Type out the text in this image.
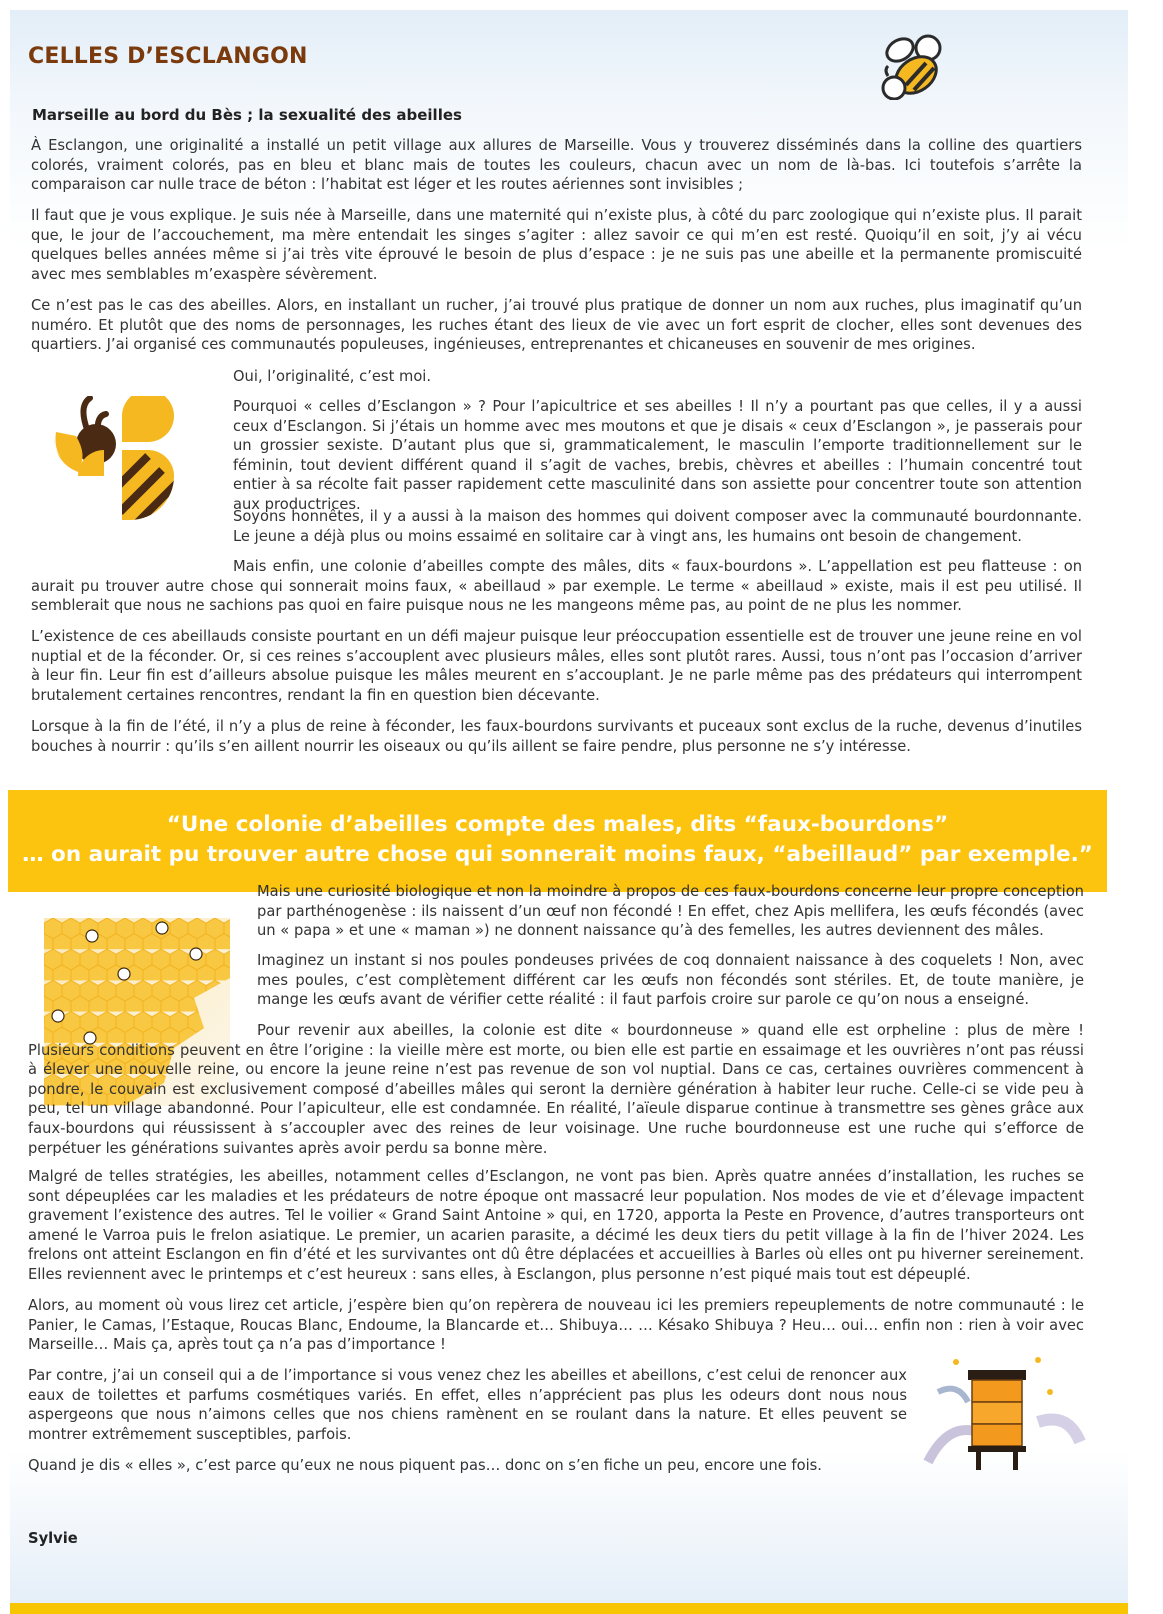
CELLES D’ESCLANGON

Marseille au bord du Bès ; la sexualité des abeilles

À Esclangon, une originalité a installé un petit village aux allures de Marseille. Vous y trouverez disséminés dans la colline des quartiers colorés, vraiment colorés, pas en bleu et blanc mais de toutes les couleurs, chacun avec un nom de là-bas. Ici toutefois s’arrête la comparaison car nulle trace de béton : l’habitat est léger et les routes aériennes sont invisibles ;

Il faut que je vous explique. Je suis née à Marseille, dans une maternité qui n’existe plus, à côté du parc zoologique qui n’existe plus. Il parait que, le jour de l’accouchement, ma mère entendait les singes s’agiter : allez savoir ce qui m’en est resté. Quoiqu’il en soit, j’y ai vécu quelques belles années même si j’ai très vite éprouvé le besoin de plus d’espace : je ne suis pas une abeille et la permanente promiscuité avec mes semblables m’exaspère sévèrement.

Ce n’est pas le cas des abeilles. Alors, en installant un rucher, j’ai trouvé plus pratique de donner un nom aux ruches, plus imaginatif qu’un numéro. Et plutôt que des noms de personnages, les ruches étant des lieux de vie avec un fort esprit de clocher, elles sont devenues des quartiers. J’ai organisé ces communautés populeuses, ingénieuses, entreprenantes et chicaneuses en souvenir de mes origines.

Oui, l’originalité, c’est moi.

Pourquoi « celles d’Esclangon » ? Pour l’apicultrice et ses abeilles ! Il n’y a pourtant pas que celles, il y a aussi ceux d’Esclangon. Si j’étais un homme avec mes moutons et que je disais « ceux d’Esclangon », je passerais pour un grossier sexiste. D’autant plus que si, grammaticalement, le masculin l’emporte traditionnellement sur le féminin, tout devient différent quand il s’agit de vaches, brebis, chèvres et abeilles : l’humain concentré tout entier à sa récolte fait passer rapidement cette masculinité dans son assiette pour concentrer toute son attention aux productrices.

Soyons honnêtes, il y a aussi à la maison des hommes qui doivent composer avec la communauté bourdonnante. Le jeune a déjà plus ou moins essaimé en solitaire car à vingt ans, les humains ont besoin de changement.

Mais enfin, une colonie d’abeilles compte des mâles, dits « faux-bourdons ». L’appellation est peu flatteuse : on aurait pu trouver autre chose qui sonnerait moins faux, « abeillaud » par exemple. Le terme « abeillaud » existe, mais il est peu utilisé. Il semblerait que nous ne sachions pas quoi en faire puisque nous ne les mangeons même pas, au point de ne plus les nommer.

L’existence de ces abeillauds consiste pourtant en un défi majeur puisque leur préoccupation essentielle est de trouver une jeune reine en vol nuptial et de la féconder. Or, si ces reines s’accouplent avec plusieurs mâles, elles sont plutôt rares. Aussi, tous n’ont pas l’occasion d’arriver à leur fin. Leur fin est d’ailleurs absolue puisque les mâles meurent en s’accouplant. Je ne parle même pas des prédateurs qui interrompent brutalement certaines rencontres, rendant la fin en question bien décevante.

Lorsque à la fin de l’été, il n’y a plus de reine à féconder, les faux-bourdons survivants et puceaux sont exclus de la ruche, devenus d’inutiles bouches à nourrir : qu’ils s’en aillent nourrir les oiseaux ou qu’ils aillent se faire pendre, plus personne ne s’y intéresse.

“Une colonie d’abeilles compte des males, dits “faux-bourdons”

… on aurait pu trouver autre chose qui sonnerait moins faux, “abeillaud” par exemple.”

Mais une curiosité biologique et non la moindre à propos de ces faux-bourdons concerne leur propre conception par parthénogenèse : ils naissent d’un œuf non fécondé ! En effet, chez Apis mellifera, les œufs fécondés (avec un « papa » et une « maman ») ne donnent naissance qu’à des femelles, les autres deviennent des mâles.

Imaginez un instant si nos poules pondeuses privées de coq donnaient naissance à des coquelets ! Non, avec mes poules, c’est complètement différent car les œufs non fécondés sont stériles. Et, de toute manière, je mange les œufs avant de vérifier cette réalité : il faut parfois croire sur parole ce qu’on nous a enseigné.

Pour revenir aux abeilles, la colonie est dite « bourdonneuse » quand elle est orpheline : plus de mère ! Plusieurs conditions peuvent en être l’origine : la vieille mère est morte, ou bien elle est partie en essaimage et les ouvrières n’ont pas réussi à élever une nouvelle reine, ou encore la jeune reine n’est pas revenue de son vol nuptial. Dans ce cas, certaines ouvrières commencent à pondre, le couvain est exclusivement composé d’abeilles mâles qui seront la dernière génération à habiter leur ruche. Celle-ci se vide peu à peu, tel un village abandonné. Pour l’apiculteur, elle est condamnée. En réalité, l’aïeule disparue continue à transmettre ses gènes grâce aux faux-bourdons qui réussissent à s’accoupler avec des reines de leur voisinage. Une ruche bourdonneuse est une ruche qui s’efforce de perpétuer les générations suivantes après avoir perdu sa bonne mère.

Malgré de telles stratégies, les abeilles, notamment celles d’Esclangon, ne vont pas bien. Après quatre années d’installation, les ruches se sont dépeuplées car les maladies et les prédateurs de notre époque ont massacré leur population. Nos modes de vie et d’élevage impactent gravement l’existence des autres. Tel le voilier « Grand Saint Antoine » qui, en 1720, apporta la Peste en Provence, d’autres transporteurs ont amené le Varroa puis le frelon asiatique. Le premier, un acarien parasite, a décimé les deux tiers du petit village à la fin de l’hiver 2024. Les frelons ont atteint Esclangon en fin d’été et les survivantes ont dû être déplacées et accueillies à Barles où elles ont pu hiverner sereinement. Elles reviennent avec le printemps et c’est heureux : sans elles, à Esclangon, plus personne n’est piqué mais tout est dépeuplé.

Alors, au moment où vous lirez cet article, j’espère bien qu’on repèrera de nouveau ici les premiers repeuplements de notre communauté : le Panier, le Camas, l’Estaque, Roucas Blanc, Endoume, la Blancarde et… Shibuya… … Késako Shibuya ? Heu… oui… enfin non : rien à voir avec Marseille… Mais ça, après tout ça n’a pas d’importance !

Par contre, j’ai un conseil qui a de l’importance si vous venez chez les abeilles et abeillons, c’est celui de renoncer aux eaux de toilettes et parfums cosmétiques variés. En effet, elles n’apprécient pas plus les odeurs dont nous nous aspergeons que nous n’aimons celles que nos chiens ramènent en se roulant dans la nature. Et elles peuvent se montrer extrêmement susceptibles, parfois.

Quand je dis « elles », c’est parce qu’eux ne nous piquent pas… donc on s’en fiche un peu, encore une fois.

Sylvie
